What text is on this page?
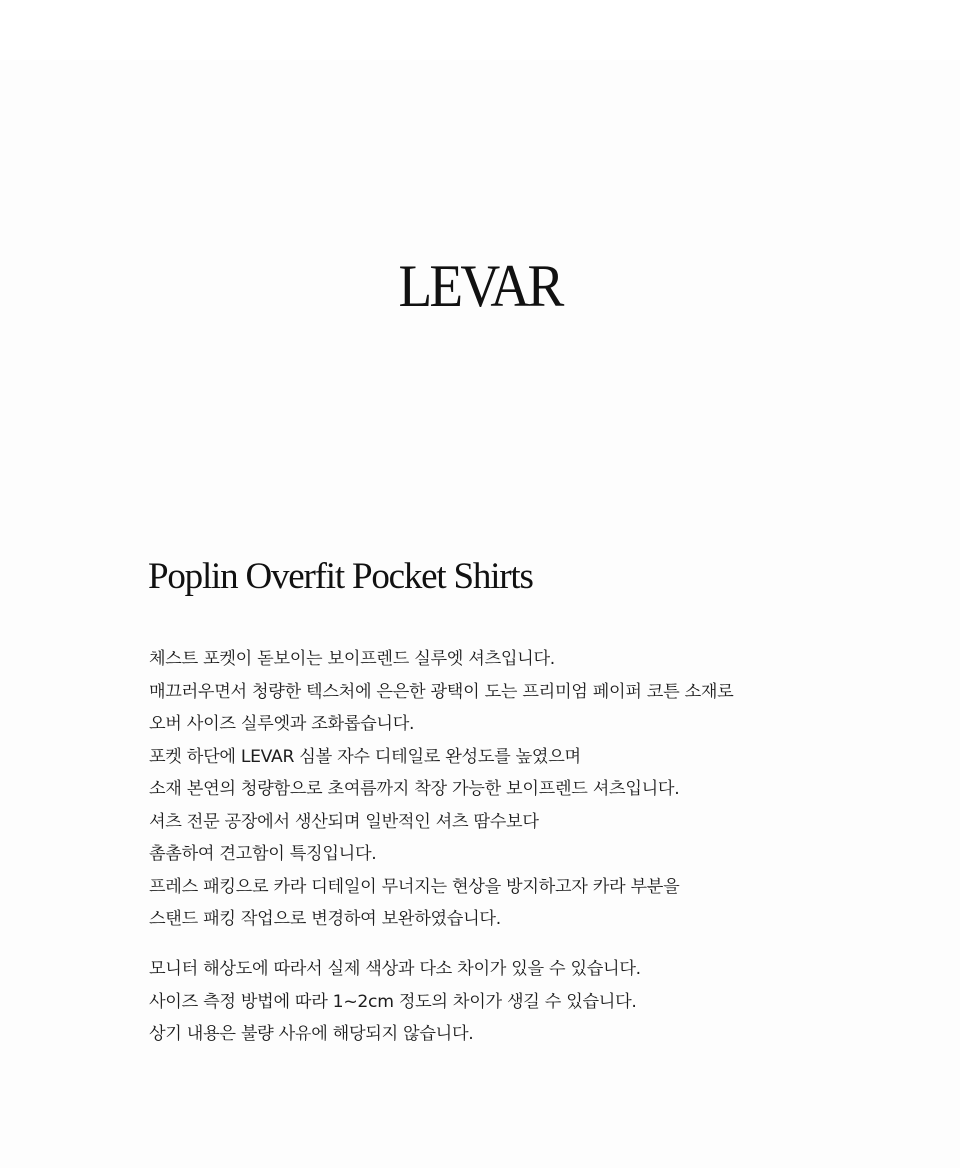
LEVAR
Poplin Overfit Pocket Shirts
체스트 포켓이 돋보이는 보이프렌드 실루엣 셔츠입니다.
매끄러우면서 청량한 텍스처에 은은한 광택이 도는 프리미엄 페이퍼 코튼 소재로
오버 사이즈 실루엣과 조화롭습니다.
포켓 하단에 LEVAR 심볼 자수 디테일로 완성도를 높였으며
소재 본연의 청량함으로 초여름까지 착장 가능한 보이프렌드 셔츠입니다.
셔츠 전문 공장에서 생산되며 일반적인 셔츠 땀수보다
촘촘하여 견고함이 특징입니다.
프레스 패킹으로 카라 디테일이 무너지는 현상을 방지하고자 카라 부분을
스탠드 패킹 작업으로 변경하여 보완하였습니다.
모니터 해상도에 따라서 실제 색상과 다소 차이가 있을 수 있습니다.
사이즈 측정 방법에 따라 1~2cm 정도의 차이가 생길 수 있습니다.
상기 내용은 불량 사유에 해당되지 않습니다.
